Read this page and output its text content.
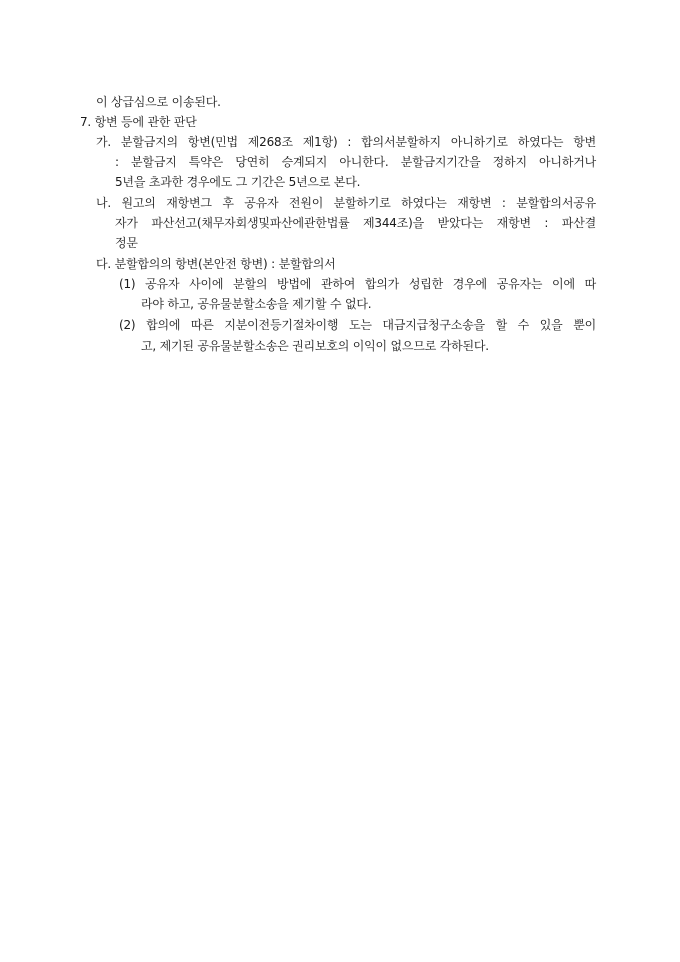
이 상급심으로 이송된다.
7. 항변 등에 관한 판단
가. 분할금지의 항변(민법 제268조 제1항) : 합의서분할하지 아니하기로 하였다는 항변
: 분할금지 특약은 당연히 승계되지 아니한다. 분할금지기간을 정하지 아니하거나
5년을 초과한 경우에도 그 기간은 5년으로 본다.
나. 원고의 재항변그 후 공유자 전원이 분할하기로 하였다는 재항변 : 분할합의서공유
자가 파산선고(채무자회생및파산에관한법률 제344조)을 받았다는 재항변 : 파산결
정문
다. 분할합의의 항변(본안전 항변) : 분할합의서
(1) 공유자 사이에 분할의 방법에 관하여 합의가 성립한 경우에 공유자는 이에 따
라야 하고, 공유물분할소송을 제기할 수 없다.
(2) 합의에 따른 지분이전등기절차이행 도는 대금지급청구소송을 할 수 있을 뿐이
고, 제기된 공유물분할소송은 권리보호의 이익이 없으므로 각하된다.
